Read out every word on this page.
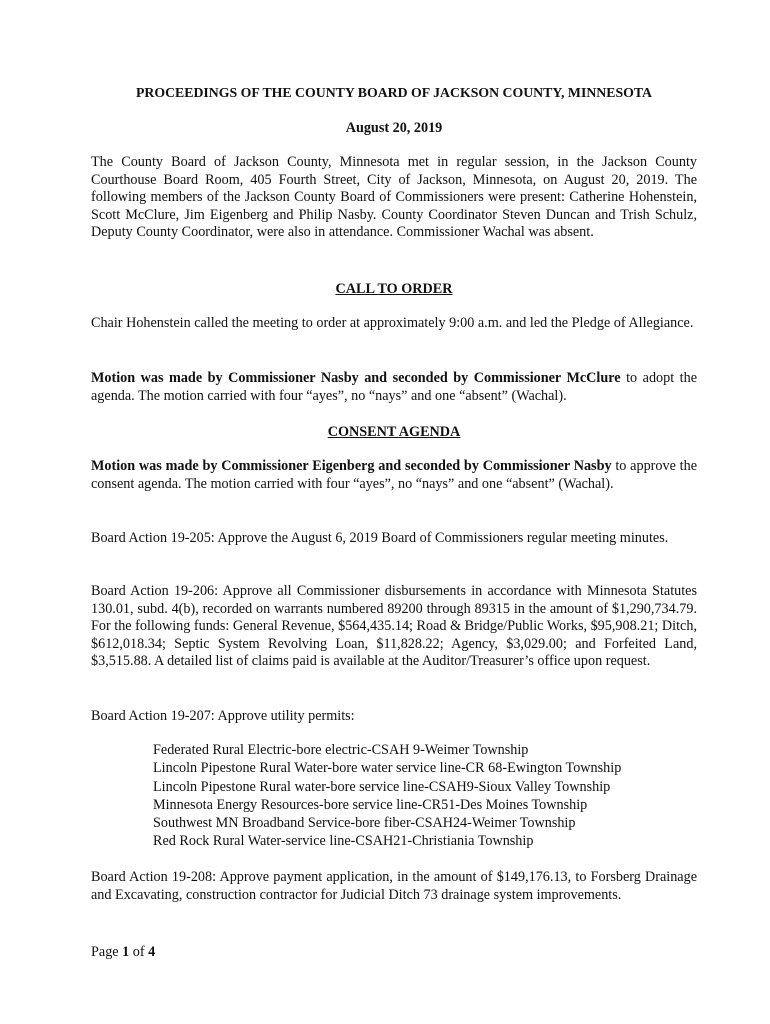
PROCEEDINGS OF THE COUNTY BOARD OF JACKSON COUNTY, MINNESOTA
August 20, 2019

The County Board of Jackson County, Minnesota met in regular session, in the Jackson County Courthouse Board Room, 405 Fourth Street, City of Jackson, Minnesota, on August 20, 2019. The following members of the Jackson County Board of Commissioners were present: Catherine Hohenstein, Scott McClure, Jim Eigenberg and Philip Nasby. County Coordinator Steven Duncan and Trish Schulz, Deputy County Coordinator, were also in attendance. Commissioner Wachal was absent.

CALL TO ORDER

Chair Hohenstein called the meeting to order at approximately 9:00 a.m. and led the Pledge of Allegiance.

Motion was made by Commissioner Nasby and seconded by Commissioner McClure to adopt the agenda. The motion carried with four “ayes”, no “nays” and one “absent” (Wachal).

CONSENT AGENDA

Motion was made by Commissioner Eigenberg and seconded by Commissioner Nasby to approve the consent agenda. The motion carried with four “ayes”, no “nays” and one “absent” (Wachal).

Board Action 19-205: Approve the August 6, 2019 Board of Commissioners regular meeting minutes.

Board Action 19-206: Approve all Commissioner disbursements in accordance with Minnesota Statutes 130.01, subd. 4(b), recorded on warrants numbered 89200 through 89315 in the amount of $1,290,734.79. For the following funds: General Revenue, $564,435.14; Road & Bridge/Public Works, $95,908.21; Ditch, $612,018.34; Septic System Revolving Loan, $11,828.22; Agency, $3,029.00; and Forfeited Land, $3,515.88. A detailed list of claims paid is available at the Auditor/Treasurer’s office upon request.

Board Action 19-207: Approve utility permits:

Federated Rural Electric-bore electric-CSAH 9-Weimer Township
Lincoln Pipestone Rural Water-bore water service line-CR 68-Ewington Township
Lincoln Pipestone Rural water-bore service line-CSAH9-Sioux Valley Township
Minnesota Energy Resources-bore service line-CR51-Des Moines Township
Southwest MN Broadband Service-bore fiber-CSAH24-Weimer Township
Red Rock Rural Water-service line-CSAH21-Christiania Township

Board Action 19-208: Approve payment application, in the amount of $149,176.13, to Forsberg Drainage and Excavating, construction contractor for Judicial Ditch 73 drainage system improvements.

Page 1 of 4
